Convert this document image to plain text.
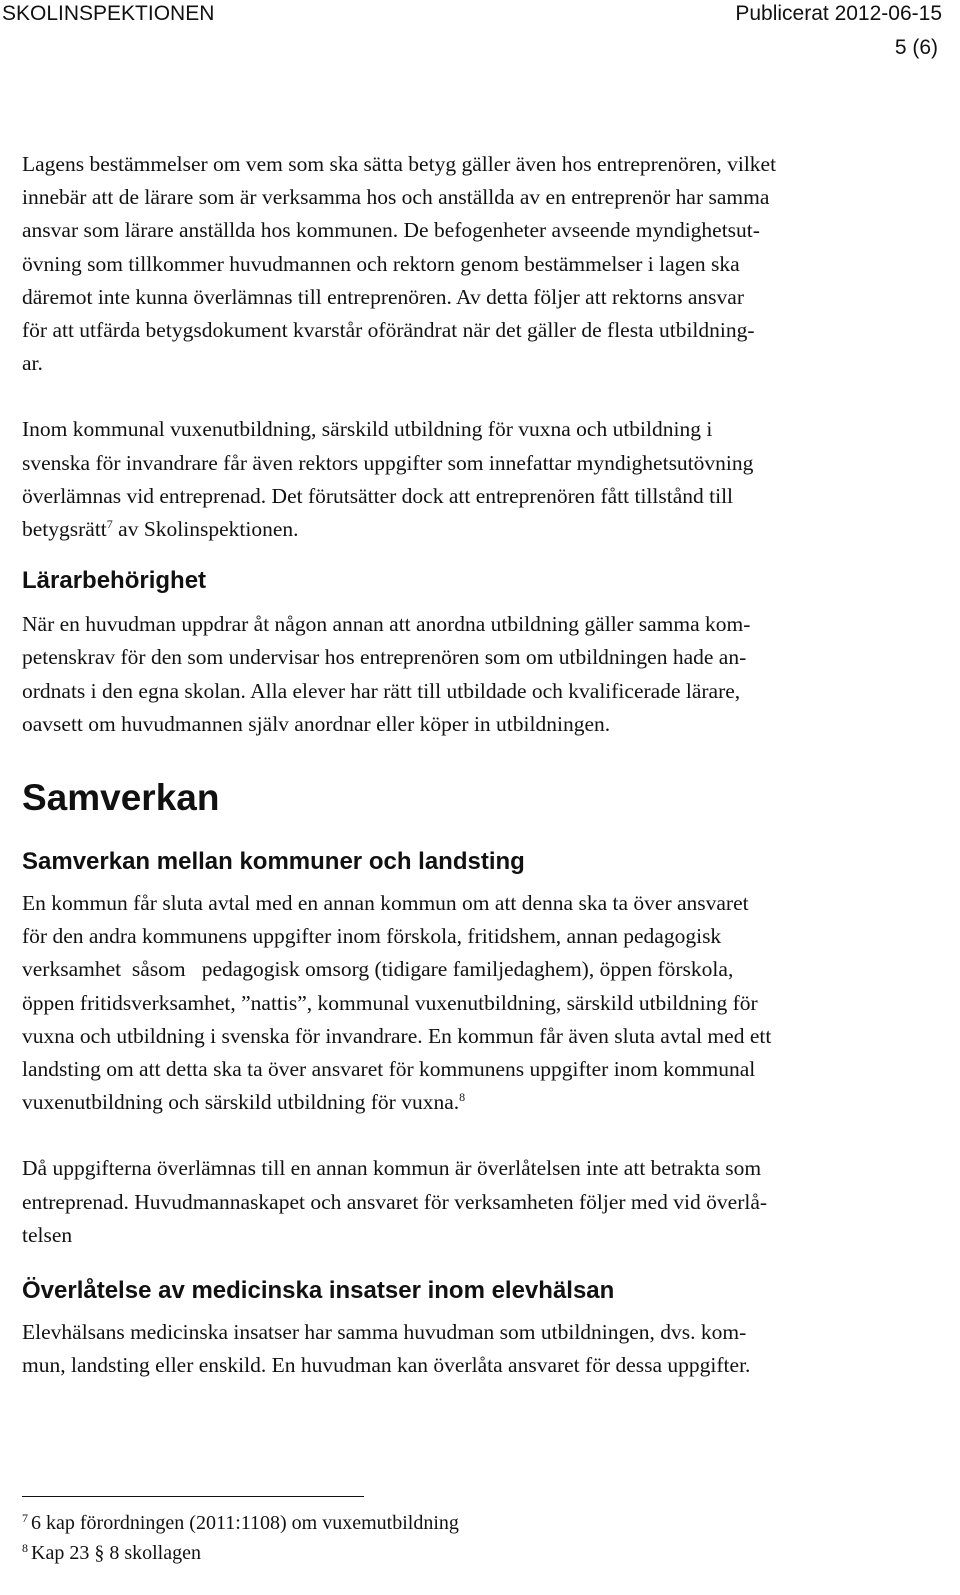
SKOLINSPEKTIONEN	Publicerat 2012-06-15
5 (6)

Lagens bestämmelser om vem som ska sätta betyg gäller även hos entreprenören, vilket
innebär att de lärare som är verksamma hos och anställda av en entreprenör har samma
ansvar som lärare anställda hos kommunen. De befogenheter avseende myndighetsut-
övning som tillkommer huvudmannen och rektorn genom bestämmelser i lagen ska
däremot inte kunna överlämnas till entreprenören. Av detta följer att rektorns ansvar
för att utfärda betygsdokument kvarstår oförändrat när det gäller de flesta utbildning-
ar.

Inom kommunal vuxenutbildning, särskild utbildning för vuxna och utbildning i
svenska för invandrare får även rektors uppgifter som innefattar myndighetsutövning
överlämnas vid entreprenad. Det förutsätter dock att entreprenören fått tillstånd till
betygsrätt$^7$ av Skolinspektionen.

Lärarbehörighet

När en huvudman uppdrar åt någon annan att anordna utbildning gäller samma kom-
petenskrav för den som undervisar hos entreprenören som om utbildningen hade an-
ordnats i den egna skolan. Alla elever har rätt till utbildade och kvalificerade lärare,
oavsett om huvudmannen själv anordnar eller köper in utbildningen.

Samverkan
Samverkan mellan kommuner och landsting

En kommun får sluta avtal med en annan kommun om att denna ska ta över ansvaret
för den andra kommunens uppgifter inom förskola, fritidshem, annan pedagogisk
verksamhet  såsom   pedagogisk omsorg (tidigare familjedaghem), öppen förskola,
öppen fritidsverksamhet, ”nattis”, kommunal vuxenutbildning, särskild utbildning för
vuxna och utbildning i svenska för invandrare. En kommun får även sluta avtal med ett
landsting om att detta ska ta över ansvaret för kommunens uppgifter inom kommunal
vuxenutbildning och särskild utbildning för vuxna.$^8$

Då uppgifterna överlämnas till en annan kommun är överlåtelsen inte att betrakta som
entreprenad. Huvudmannaskapet och ansvaret för verksamheten följer med vid överlå-
telsen

Överlåtelse av medicinska insatser inom elevhälsan

Elevhälsans medicinska insatser har samma huvudman som utbildningen, dvs. kom-
mun, landsting eller enskild. En huvudman kan överlåta ansvaret för dessa uppgifter.

$^7$ 6 kap förordningen (2011:1108) om vuxemutbildning
$^8$ Kap 23 § 8 skollagen
